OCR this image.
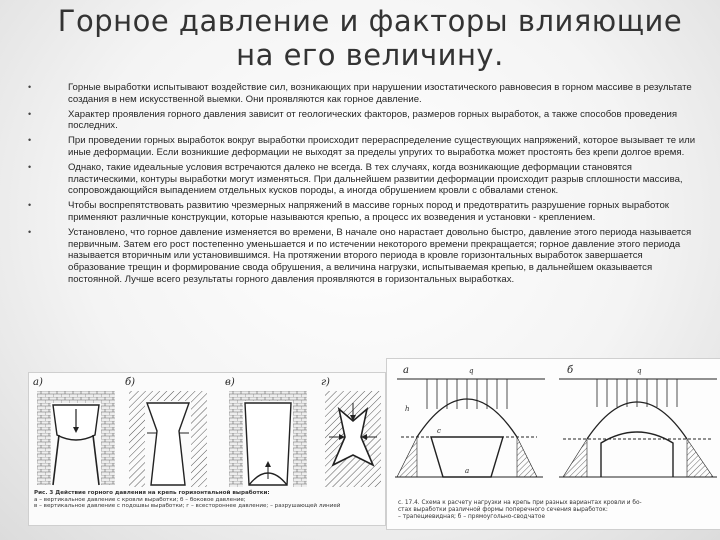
Горное давление и факторы влияющие на его величину.
•	Горные выработки испытывают воздействие сил, возникающих при нарушении изостатического равновесия в горном массиве в результате создания в нем искусственной выемки. Они проявляются как горное давление.
•	Характер проявления горного давления зависит от геологических факторов, размеров горных выработок, а также способов проведения последних.
•	При проведении горных выработок вокруг выработки происходит перераспределение существующих напряжений, которое вызывает те или иные деформации. Если возникшие деформации не выходят за пределы упругих то выработка может простоять без крепи долгое время.
•	Однако, такие идеальные условия встречаются далеко не всегда. В тех случаях, когда возникающие деформации становятся пластическими, контуры выработки могут изменяться. При дальнейшем развитии деформации происходит разрыв сплошности массива, сопровождающийся выпадением отдельных кусков породы, а иногда обрушением кровли с обвалами стенок.
•	Чтобы воспрепятствовать развитию чрезмерных напряжений в массиве горных пород и предотвратить разрушение горных выработок применяют различные конструкции, которые называются крепью, а процесс их возведения и установки - креплением.
•	Установлено, что горное давление изменяется во времени, В начале оно нарастает довольно быстро, давление этого периода называется первичным. Затем его рост постепенно уменьшается и по истечении некоторого времени прекращается; горное давление этого периода называется вторичным или установившимся. На протяжении второго периода в кровле горизонтальных выработок завершается образование трещин и формирование свода обрушения, а величина нагрузки, испытываемая крепью, в дальнейшем оказывается постоянной. Лучше всего результаты горного давления проявляются в горизонтальных выработках.
а)	б)	в)	г)
Рис. 3 Действие горного давления на крепь горизонтальной выработки:
а – вертикальное давление с кровли выработки; б – боковое давление;
в – вертикальное давление с подошвы выработки; г – всестороннее давление; – разрушающей линией
а	б
q
h
c
a
q
с. 17.4. Схема к расчету нагрузки на крепь при разных вариантах кровли и бо-
стах выработки различной формы поперечного сечения выработок:
– трапециевидная; б – прямоугольно-сводчатое
